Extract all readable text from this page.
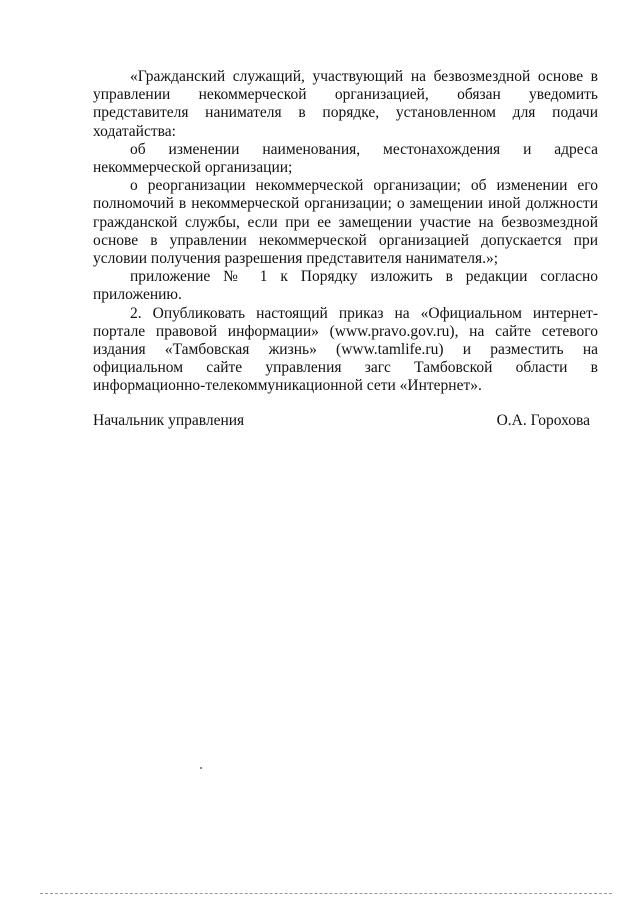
«Гражданский служащий, участвующий на безвозмездной основе в управлении некоммерческой организацией, обязан уведомить представителя нанимателя в порядке, установленном для подачи ходатайства:

об изменении наименования, местонахождения и адреса некоммерческой организации;

о реорганизации некоммерческой организации; об изменении его полномочий в некоммерческой организации; о замещении иной должности гражданской службы, если при ее замещении участие на безвозмездной основе в управлении некоммерческой организацией допускается при условии получения разрешения представителя нанимателя.»;

приложение № 1 к Порядку изложить в редакции согласно приложению.

2. Опубликовать настоящий приказ на «Официальном интернет-портале правовой информации» (www.pravo.gov.ru), на сайте сетевого издания «Тамбовская жизнь» (www.tamlife.ru) и разместить на официальном сайте управления загс Тамбовской области в информационно-телекоммуникационной сети «Интернет».

Начальник управления	О.А. Горохова
